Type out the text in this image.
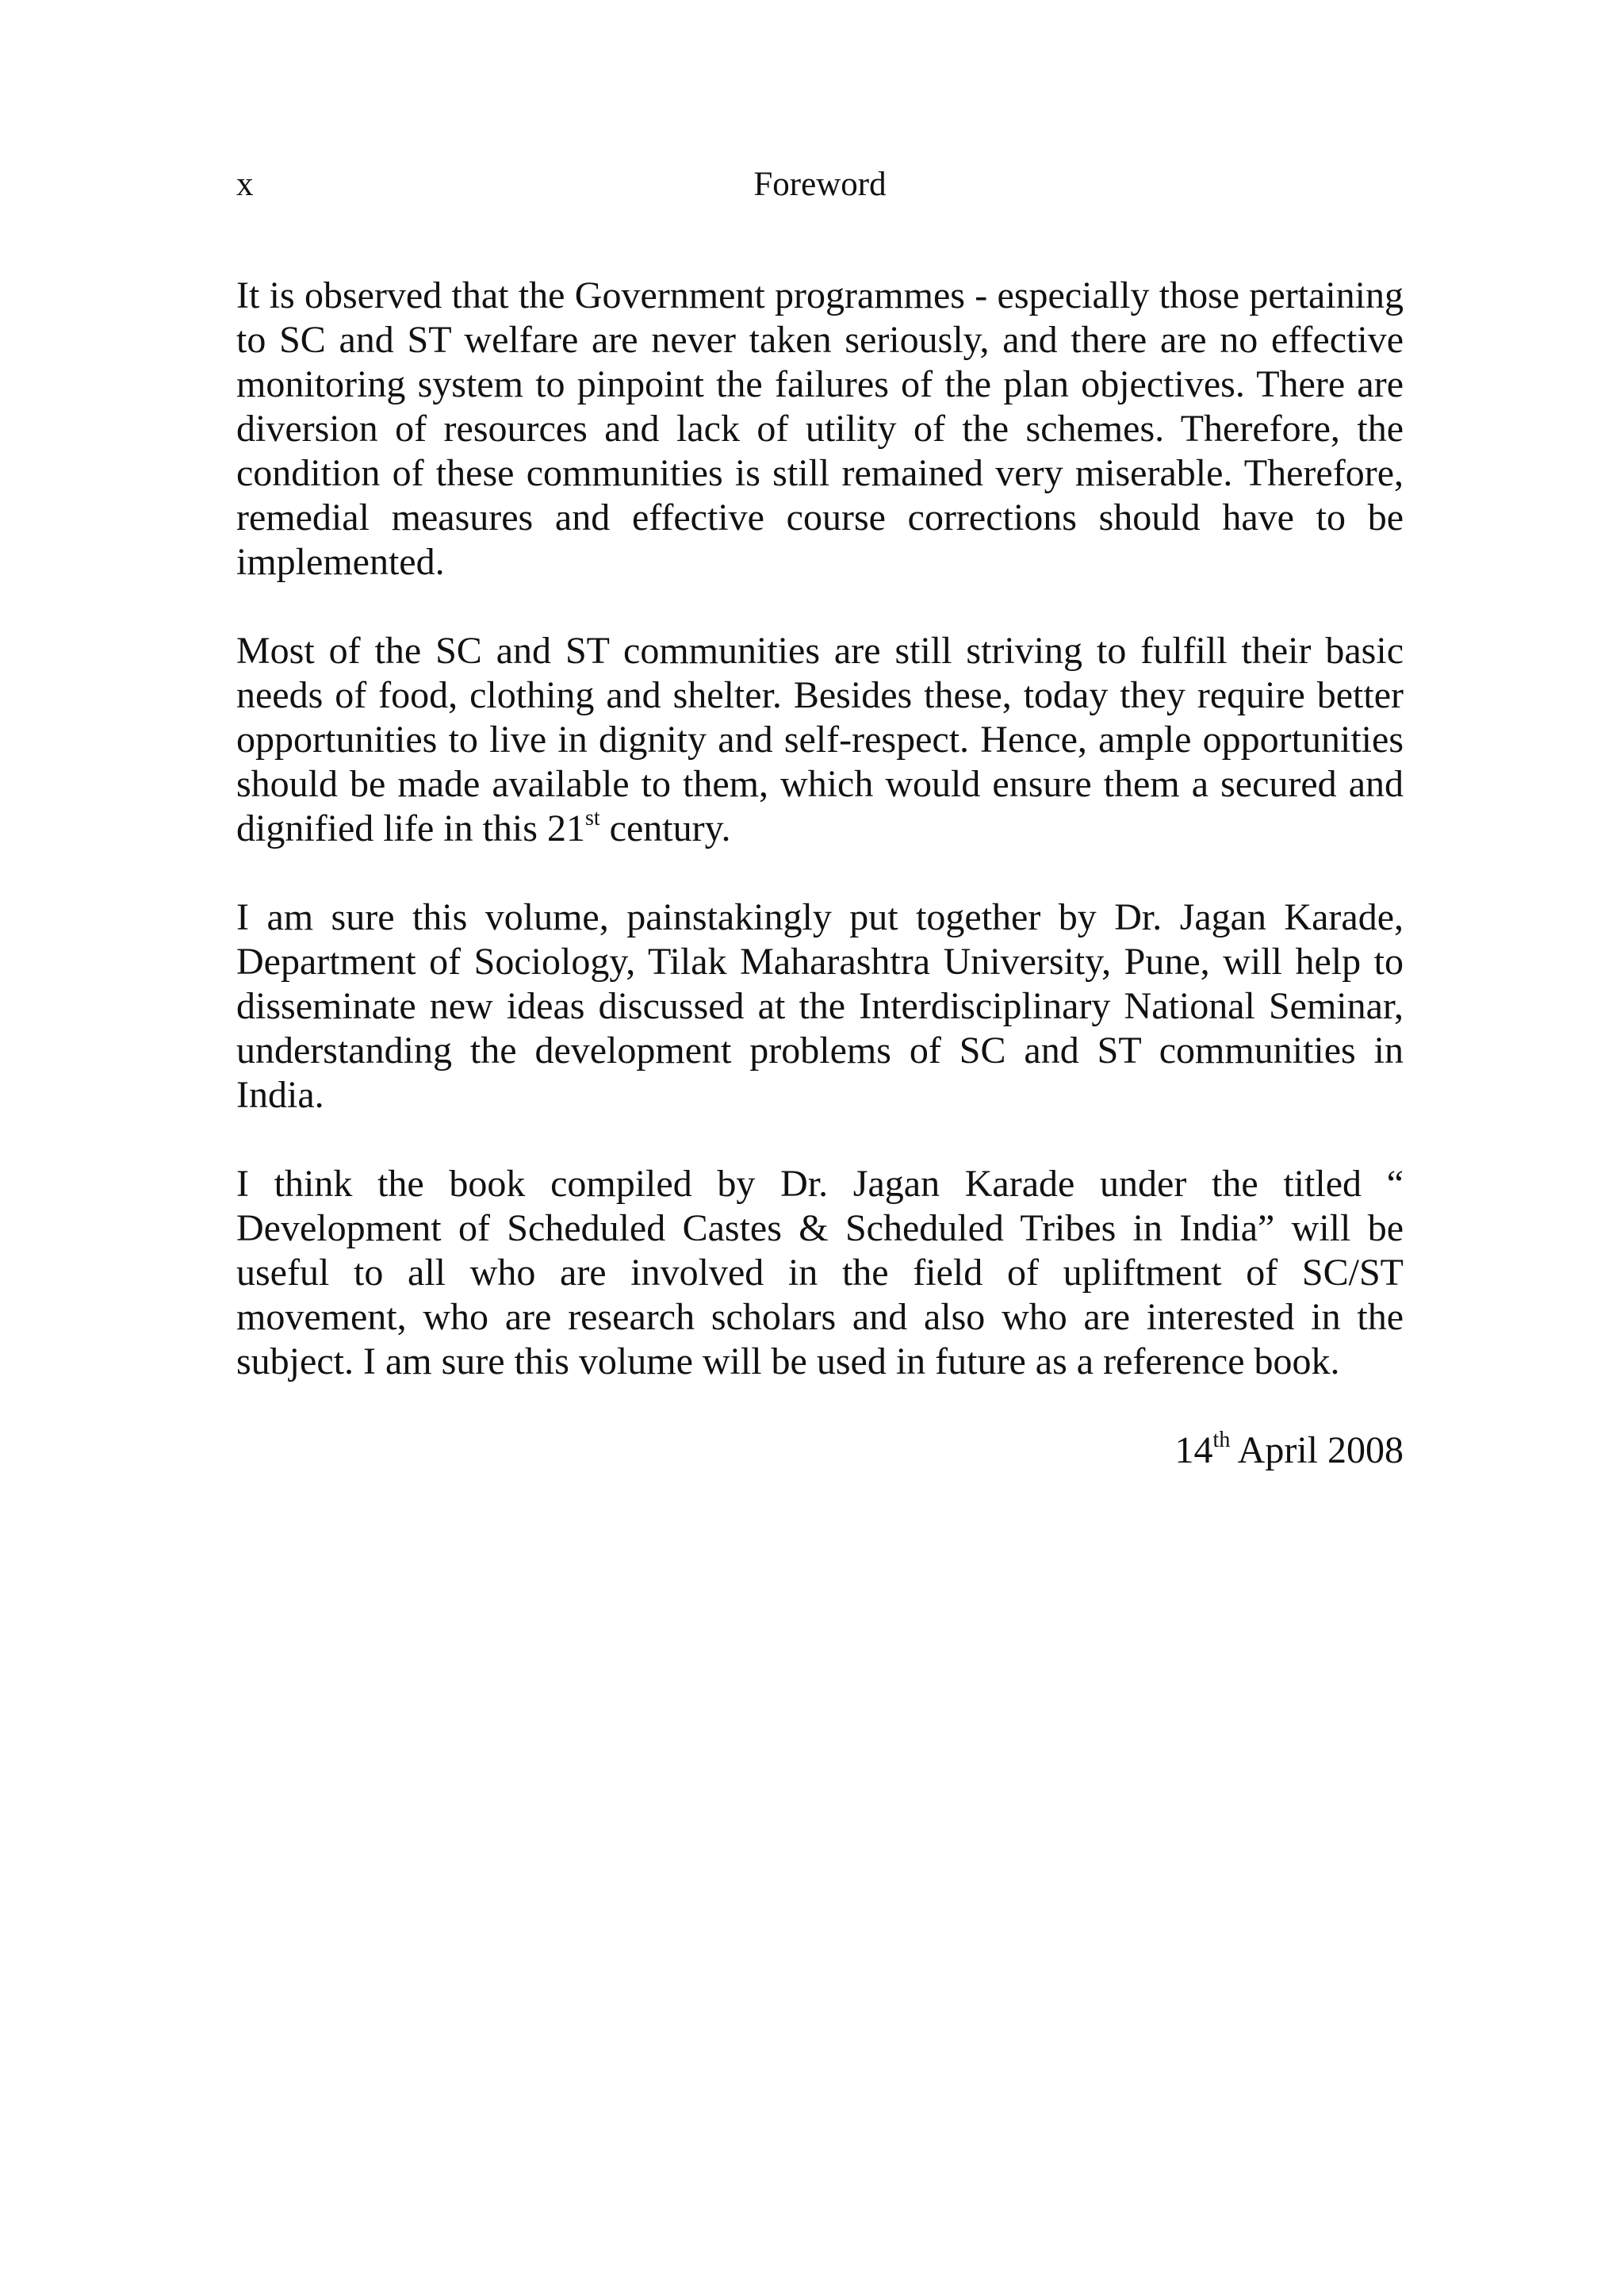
x	Foreword

It is observed that the Government programmes - especially those pertaining to SC and ST welfare are never taken seriously, and there are no effective monitoring system to pinpoint the failures of the plan objectives. There are diversion of resources and lack of utility of the schemes. Therefore, the condition of these communities is still remained very miserable. Therefore, remedial measures and effective course corrections should have to be implemented.

Most of the SC and ST communities are still striving to fulfill their basic needs of food, clothing and shelter. Besides these, today they require better opportunities to live in dignity and self-respect. Hence, ample opportunities should be made available to them, which would ensure them a secured and dignified life in this 21st century.

I am sure this volume, painstakingly put together by Dr. Jagan Karade, Department of Sociology, Tilak Maharashtra University, Pune, will help to disseminate new ideas discussed at the Interdisciplinary National Seminar, understanding the development problems of SC and ST communities in India.

I think the book compiled by Dr. Jagan Karade under the titled “ Development of Scheduled Castes & Scheduled Tribes in India” will be useful to all who are involved in the field of upliftment of SC/ST movement, who are research scholars and also who are interested in the subject. I am sure this volume will be used in future as a reference book.

14th April 2008
